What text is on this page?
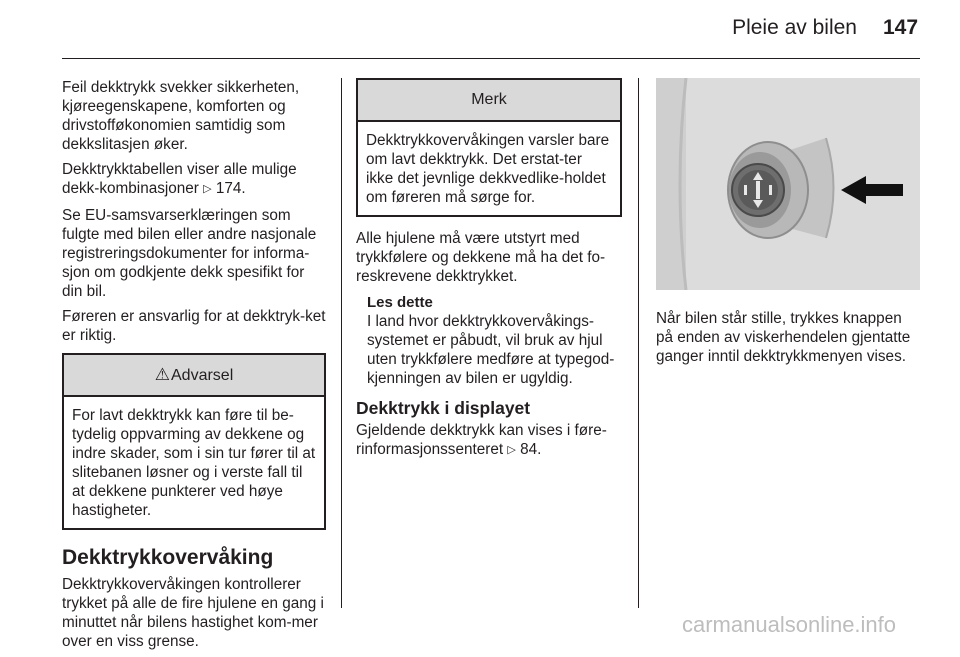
Pleie av bilen 147

Feil dekktrykk svekker sikkerheten, kjøreegenskapene, komforten og drivstofføkonomien samtidig som dekkslitasjen øker.

Dekktrykktabellen viser alle mulige dekk-kombinasjoner ▷ 174.

Se EU-samsvarserklæringen som fulgte med bilen eller andre nasjonale registreringsdokumenter for informa-sjon om godkjente dekk spesifikt for din bil.

Føreren er ansvarlig for at dekktryk-ket er riktig.

⚠Advarsel
For lavt dekktrykk kan føre til be-tydelig oppvarming av dekkene og indre skader, som i sin tur fører til at slitebanen løsner og i verste fall til at dekkene punkterer ved høye hastigheter.
Dekktrykkovervåking

Dekktrykkovervåkingen kontrollerer trykket på alle de fire hjulene en gang i minuttet når bilens hastighet kom-mer over en viss grense.

Merk
Dekktrykkovervåkingen varsler bare om lavt dekktrykk. Det erstat-ter ikke det jevnlige dekkvedlike-holdet om føreren må sørge for.

Alle hjulene må være utstyrt med trykkfølere og dekkene må ha det fo-reskrevene dekktrykket.

Les dette
I land hvor dekktrykkovervåkings-systemet er påbudt, vil bruk av hjul uten trykkfølere medføre at typegod-kjenningen av bilen er ugyldig.
Dekktrykk i displayet

Gjeldende dekktrykk kan vises i føre-rinformasjonssenteret ▷ 84.

Når bilen står stille, trykkes knappen på enden av viskerhendelen gjentatte ganger inntil dekktrykkmenyen vises.

carmanualsonline.info
